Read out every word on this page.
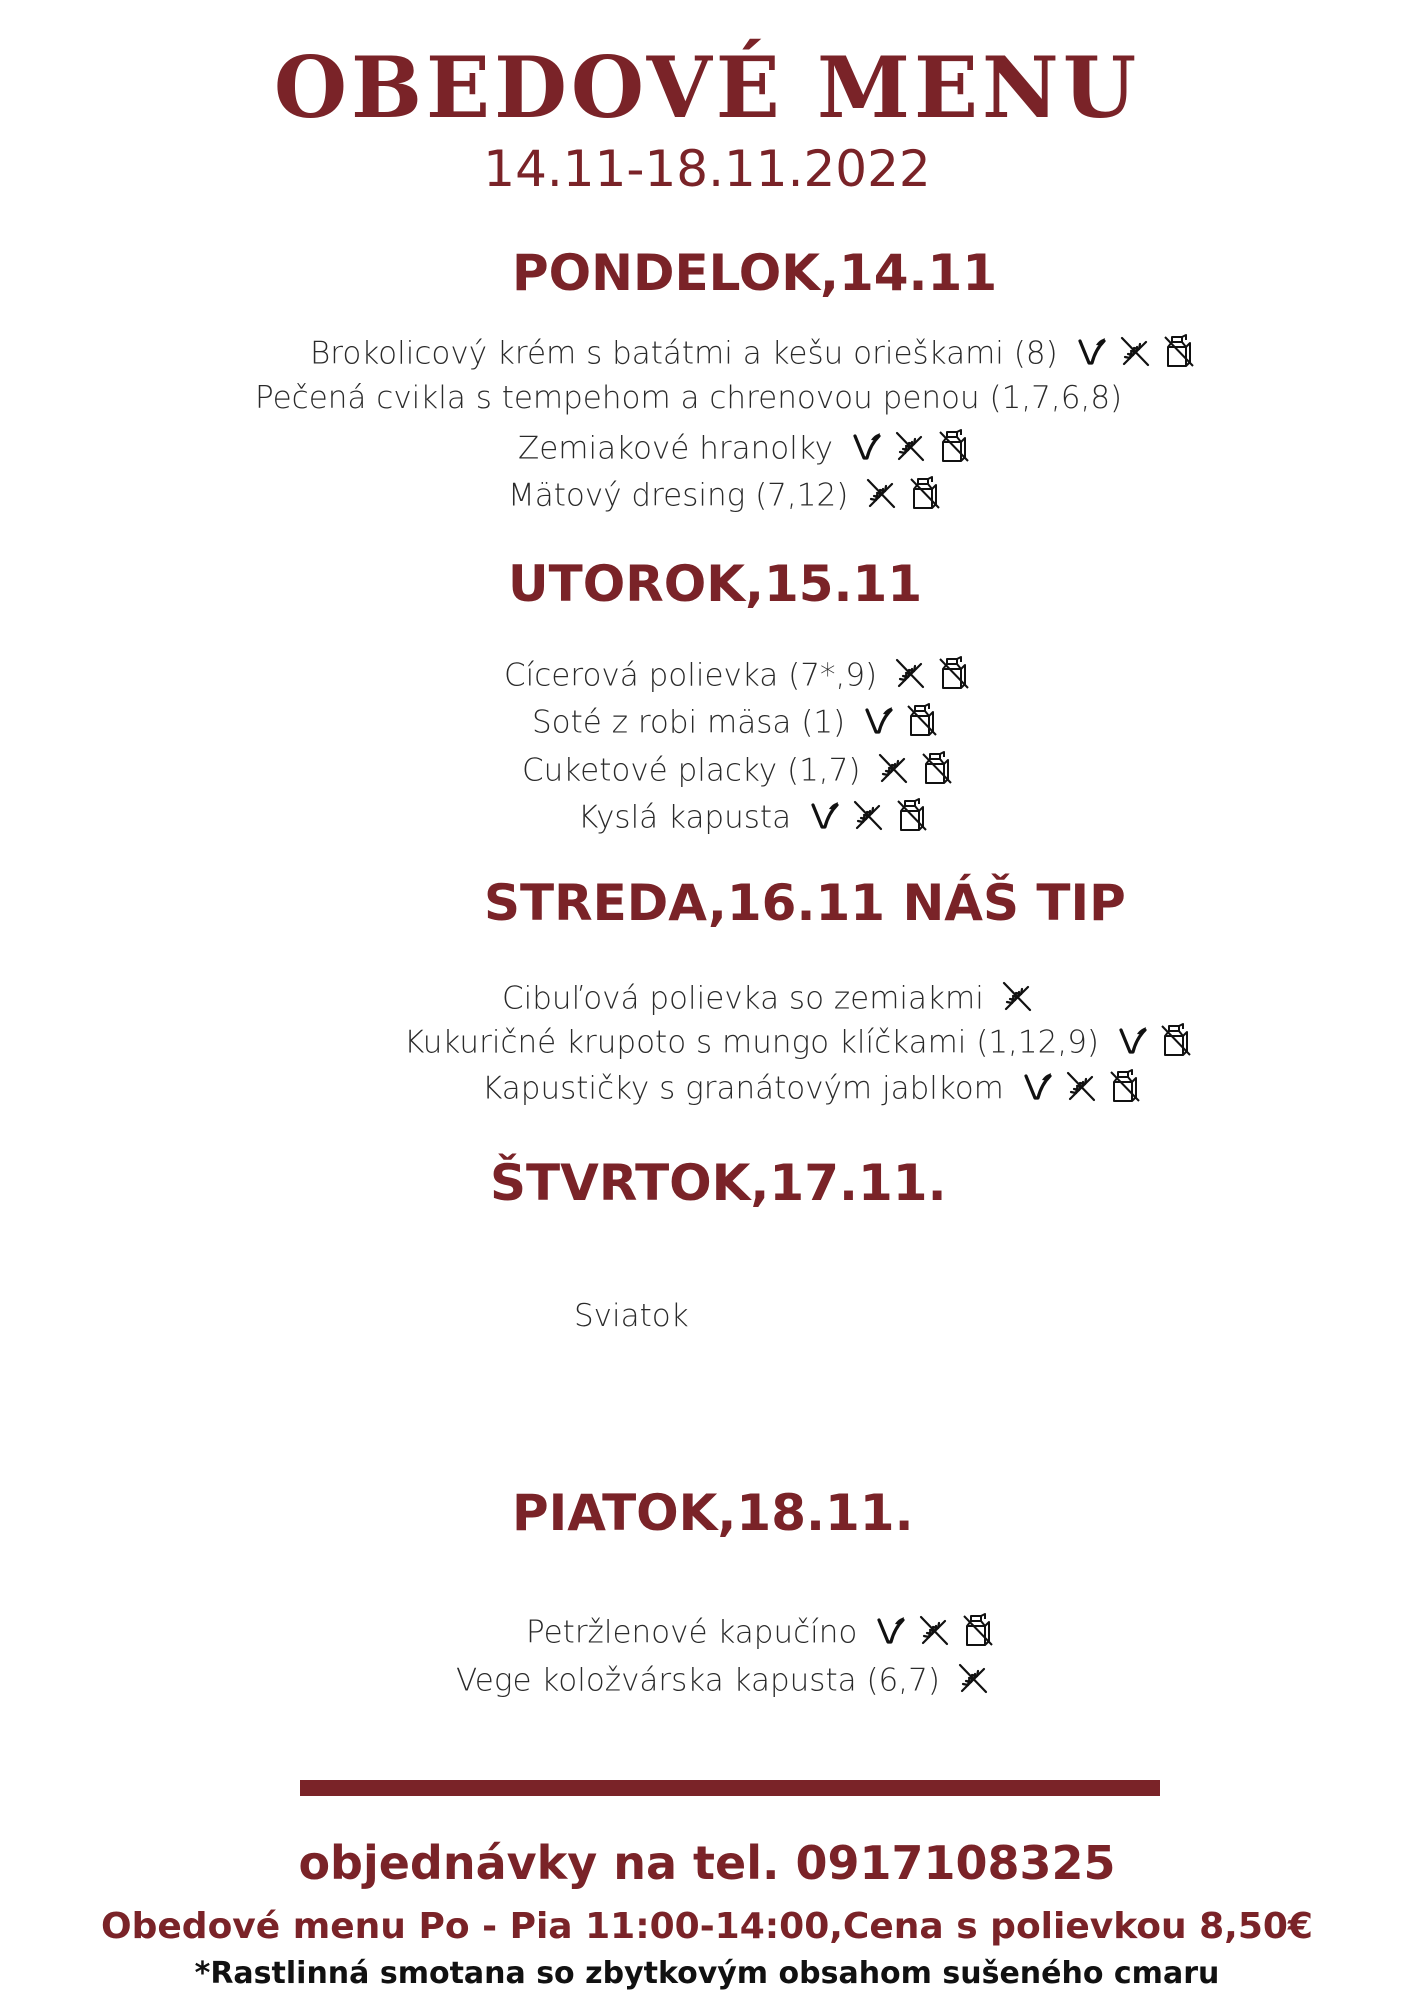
OBEDOVÉ MENU
14.11-18.11.2022
PONDELOK,14.11
Brokolicový krém s batátmi a kešu orieškami (8)
Pečená cvikla s tempehom a chrenovou penou (1,7,6,8)
Zemiakové hranolky
Mätový dresing (7,12)
UTOROK,15.11
Cícerová polievka (7*,9)
Soté z robi mäsa (1)
Cuketové placky (1,7)
Kyslá kapusta
STREDA,16.11 NÁŠ TIP
Cibuľová polievka so zemiakmi
Kukuričné krupoto s mungo klíčkami (1,12,9)
Kapustičky s granátovým jablkom
ŠTVRTOK,17.11.
Sviatok
PIATOK,18.11.
Petržlenové kapučíno
Vege koložvárska kapusta (6,7)
objednávky na tel. 0917108325
Obedové menu Po - Pia 11:00-14:00,Cena s polievkou 8,50€
*Rastlinná smotana so zbytkovým obsahom sušeného cmaru
